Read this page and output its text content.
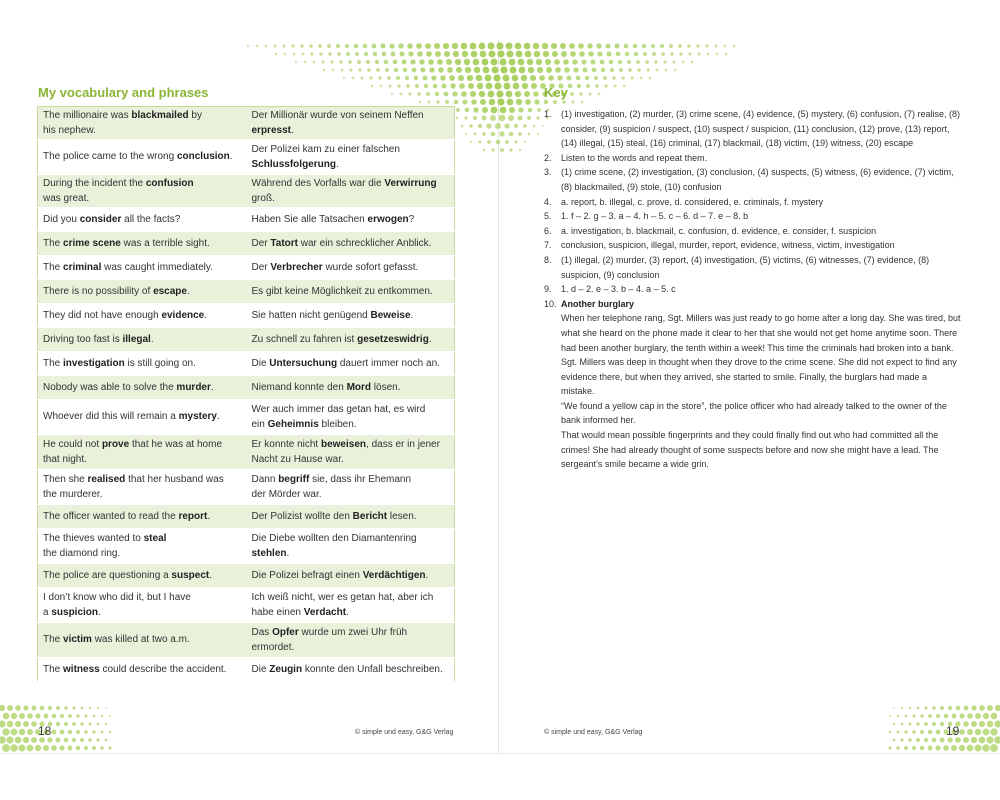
My vocabulary and phrases
The millionaire was blackmailed by
his nephew.	Der Millionär wurde von seinem Neffen
erpresst.
The police came to the wrong conclusion.	Der Polizei kam zu einer falschen
Schlussfolgerung.
During the incident the confusion
was great.	Während des Vorfalls war die Verwirrung
groß.
Did you consider all the facts?	Haben Sie alle Tatsachen erwogen?
The crime scene was a terrible sight.	Der Tatort war ein schrecklicher Anblick.
The criminal was caught immediately.	Der Verbrecher wurde sofort gefasst.
There is no possibility of escape.	Es gibt keine Möglichkeit zu entkommen.
They did not have enough evidence.	Sie hatten nicht genügend Beweise.
Driving too fast is illegal.	Zu schnell zu fahren ist gesetzeswidrig.
The investigation is still going on.	Die Untersuchung dauert immer noch an.
Nobody was able to solve the murder.	Niemand konnte den Mord lösen.
Whoever did this will remain a mystery.	Wer auch immer das getan hat, es wird
ein Geheimnis bleiben.
He could not prove that he was at home
that night.	Er konnte nicht beweisen, dass er in jener
Nacht zu Hause war.
Then she realised that her husband was
the murderer.	Dann begriff sie, dass ihr Ehemann
der Mörder war.
The officer wanted to read the report.	Der Polizist wollte den Bericht lesen.
The thieves wanted to steal
the diamond ring.	Die Diebe wollten den Diamantenring
stehlen.
The police are questioning a suspect.	Die Polizei befragt einen Verdächtigen.
I don’t know who did it, but I have
a suspicion.	Ich weiß nicht, wer es getan hat, aber ich
habe einen Verdacht.
The victim was killed at two a.m.	Das Opfer wurde um zwei Uhr früh
ermordet.
The witness could describe the accident.	Die Zeugin konnte den Unfall beschreiben.
18	© simple und easy, G&G Verlag
Key
1.	(1) investigation, (2) murder, (3) crime scene, (4) evidence, (5) mystery, (6) confusion, (7) realise, (8) consider, (9) suspicion / suspect, (10) suspect / suspicion, (11) conclusion, (12) prove, (13) report, (14) illegal, (15) steal, (16) criminal, (17) blackmail, (18) victim, (19) witness, (20) escape
2.	Listen to the words and repeat them.
3.	(1) crime scene, (2) investigation, (3) conclusion, (4) suspects, (5) witness, (6) evidence, (7) victim, (8) blackmailed, (9) stole, (10) confusion
4.	a. report, b. illegal, c. prove, d. considered, e. criminals, f. mystery
5.	1. f – 2. g – 3. a – 4. h – 5. c – 6. d – 7. e – 8. b
6.	a. investigation, b. blackmail, c. confusion, d. evidence, e. consider, f. suspicion
7.	conclusion, suspicion, illegal, murder, report, evidence, witness, victim, investigation
8.	(1) illegal, (2) murder, (3) report, (4) investigation, (5) victims, (6) witnesses, (7) evidence, (8) suspicion, (9) conclusion
9.	1. d – 2. e – 3. b – 4. a – 5. c
10. Another burglary
When her telephone rang, Sgt. Millers was just ready to go home after a long day. She was tired, but what she heard on the phone made it clear to her that she would not get home anytime soon. There had been another burglary, the tenth within a week! This time the criminals had broken into a bank.
Sgt. Millers was deep in thought when they drove to the crime scene. She did not expect to find any evidence there, but when they arrived, she started to smile. Finally, the burglars had made a mistake.
“We found a yellow cap in the store”, the police officer who had already talked to the owner of the bank informed her.
That would mean possible fingerprints and they could finally find out who had committed all the crimes! She had already thought of some suspects before and now she might have a lead. The sergeant’s smile became a wide grin.
19
© simple und easy, G&G Verlag
